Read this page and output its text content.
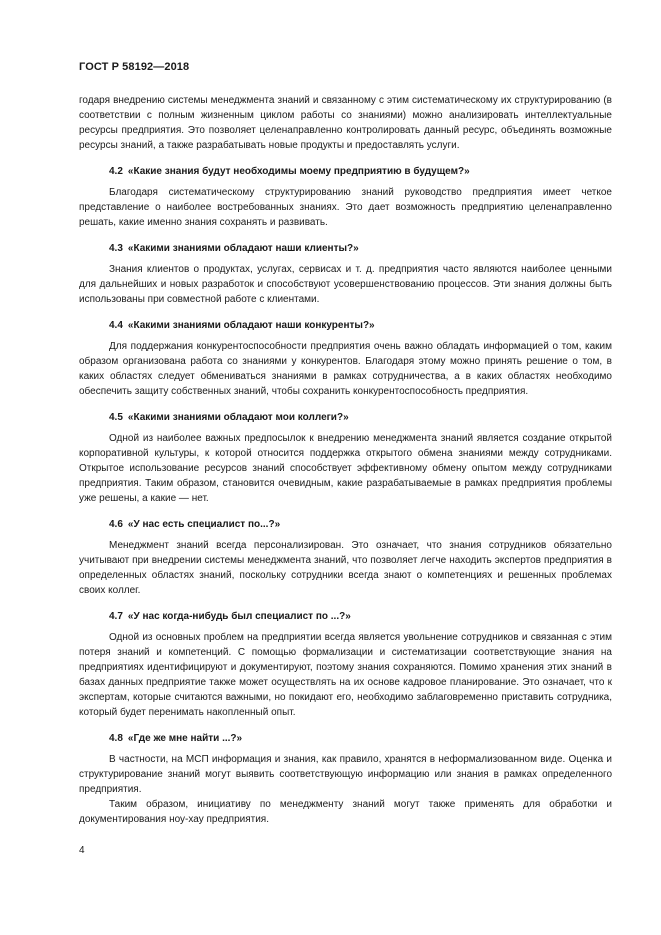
ГОСТ Р 58192—2018

годаря внедрению системы менеджмента знаний и связанному с этим систематическому их структурированию (в соответствии с полным жизненным циклом работы со знаниями) можно анализировать интеллектуальные ресурсы предприятия. Это позволяет целенаправленно контролировать данный ресурс, объединять возможные ресурсы знаний, а также разрабатывать новые продукты и предоставлять услуги.

4.2 «Какие знания будут необходимы моему предприятию в будущем?»

Благодаря систематическому структурированию знаний руководство предприятия имеет четкое представление о наиболее востребованных знаниях. Это дает возможность предприятию целенаправленно решать, какие именно знания сохранять и развивать.

4.3 «Какими знаниями обладают наши клиенты?»

Знания клиентов о продуктах, услугах, сервисах и т. д. предприятия часто являются наиболее ценными для дальнейших и новых разработок и способствуют усовершенствованию процессов. Эти знания должны быть использованы при совместной работе с клиентами.

4.4 «Какими знаниями обладают наши конкуренты?»

Для поддержания конкурентоспособности предприятия очень важно обладать информацией о том, каким образом организована работа со знаниями у конкурентов. Благодаря этому можно принять решение о том, в каких областях следует обмениваться знаниями в рамках сотрудничества, а в каких областях необходимо обеспечить защиту собственных знаний, чтобы сохранить конкурентоспособность предприятия.

4.5 «Какими знаниями обладают мои коллеги?»

Одной из наиболее важных предпосылок к внедрению менеджмента знаний является создание открытой корпоративной культуры, к которой относится поддержка открытого обмена знаниями между сотрудниками. Открытое использование ресурсов знаний способствует эффективному обмену опытом между сотрудниками предприятия. Таким образом, становится очевидным, какие разрабатываемые в рамках предприятия проблемы уже решены, а какие — нет.

4.6 «У нас есть специалист по...?»

Менеджмент знаний всегда персонализирован. Это означает, что знания сотрудников обязательно учитывают при внедрении системы менеджмента знаний, что позволяет легче находить экспертов предприятия в определенных областях знаний, поскольку сотрудники всегда знают о компетенциях и решенных проблемах своих коллег.

4.7 «У нас когда-нибудь был специалист по ...?»

Одной из основных проблем на предприятии всегда является увольнение сотрудников и связанная с этим потеря знаний и компетенций. С помощью формализации и систематизации соответствующие знания на предприятиях идентифицируют и документируют, поэтому знания сохраняются. Помимо хранения этих знаний в базах данных предприятие также может осуществлять на их основе кадровое планирование. Это означает, что к экспертам, которые считаются важными, но покидают его, необходимо заблаговременно приставить сотрудника, который будет перенимать накопленный опыт.

4.8 «Где же мне найти ...?»

В частности, на МСП информация и знания, как правило, хранятся в неформализованном виде. Оценка и структурирование знаний могут выявить соответствующую информацию или знания в рамках определенного предприятия.

Таким образом, инициативу по менеджменту знаний могут также применять для обработки и документирования ноу-хау предприятия.

4
